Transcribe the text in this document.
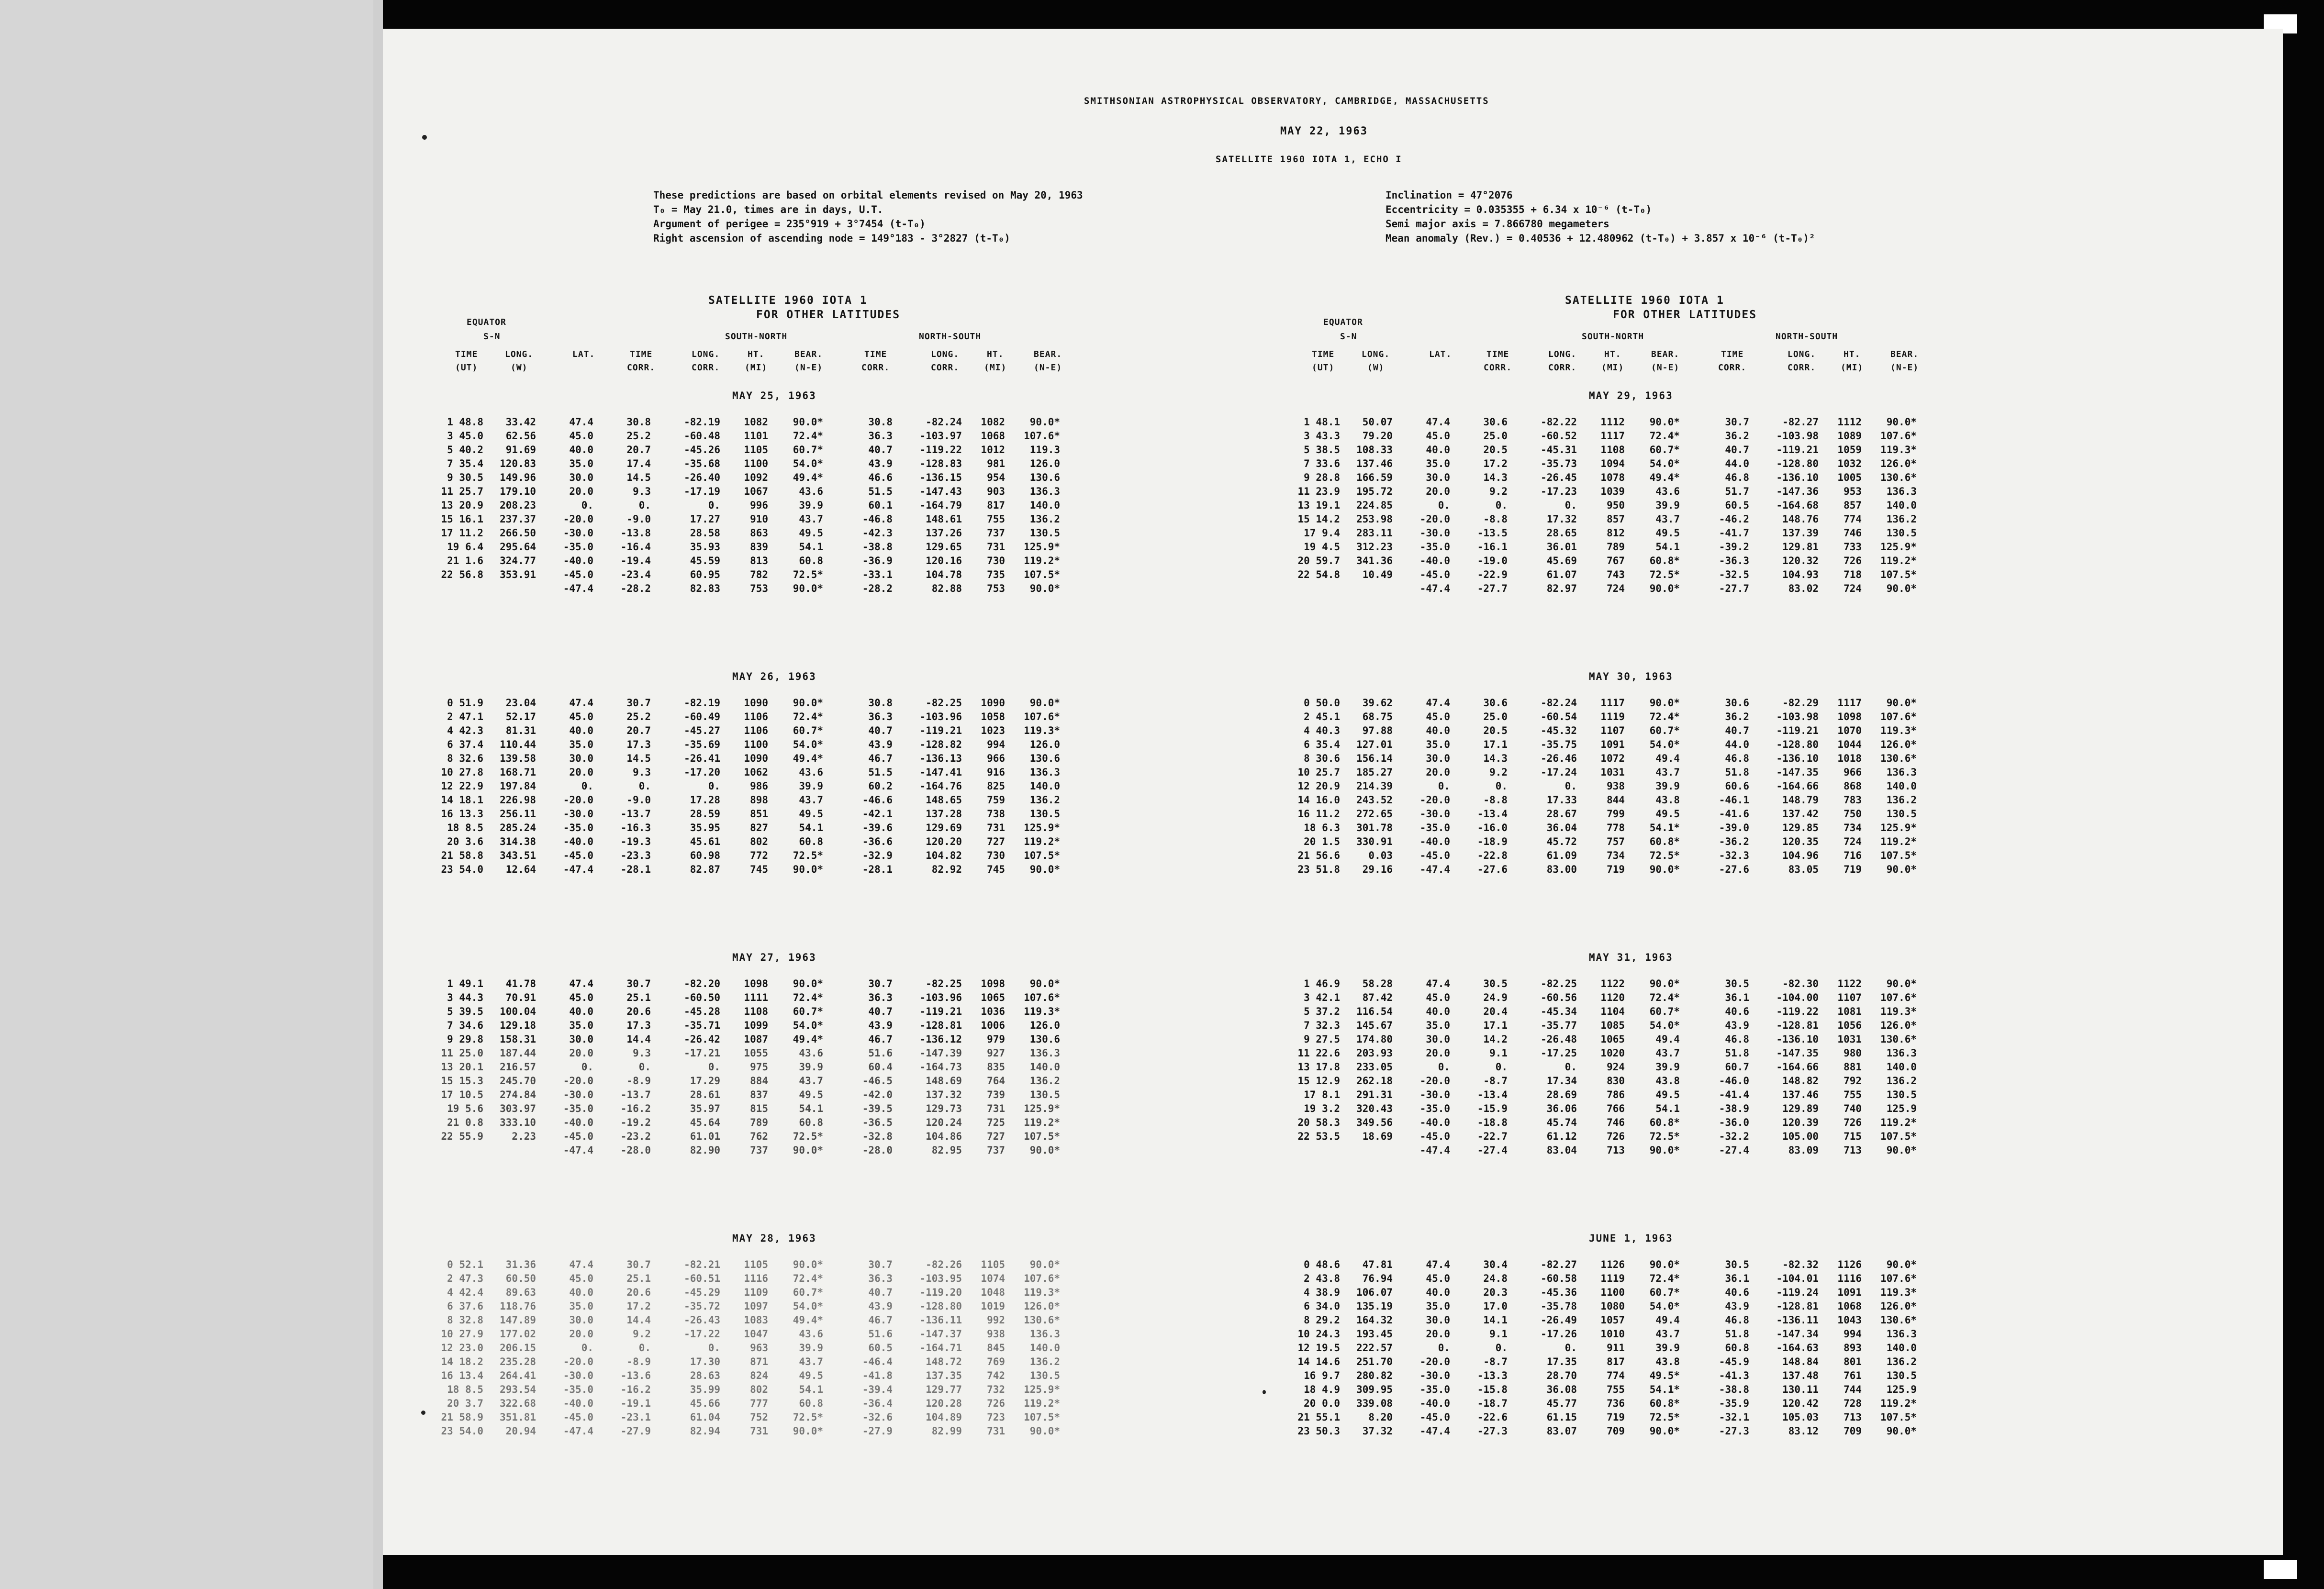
SMITHSONIAN ASTROPHYSICAL OBSERVATORY, CAMBRIDGE, MASSACHUSETTS
MAY 22, 1963
SATELLITE 1960 IOTA 1, ECHO I
These predictions are based on orbital elements revised on May 20, 1963
T₀ = May 21.0, times are in days, U.T.
Argument of perigee = 235°919 + 3°7454 (t-T₀)
Right ascension of ascending node = 149°183 - 3°2827 (t-T₀)
Inclination = 47°2076
Eccentricity = 0.035355 + 6.34 x 10⁻⁶ (t-T₀)
Semi major axis = 7.866780 megameters
Mean anomaly (Rev.) = 0.40536 + 12.480962 (t-T₀) + 3.857 x 10⁻⁶ (t-T₀)²
SATELLITE 1960 IOTA 1
FOR OTHER LATITUDES
EQUATOR
S-N	SOUTH-NORTH	NORTH-SOUTH
TIME	LONG.	LAT.	TIME	LONG.	HT.	BEAR.	TIME	LONG.	HT.	BEAR.
(UT)	(W)	CORR.	CORR.	(MI)	(N-E)	CORR.	CORR.	(MI)	(N-E)
MAY 25, 1963
1 48.8 33.42	47.4	30.8	-82.19 1082 90.0*	30.8	-82.24 1082 90.0*
3 45.0 62.56	45.0	25.2	-60.48 1101 72.4*	36.3	-103.97 1068 107.6*
5 40.2 91.69	40.0	20.7	-45.26 1105 60.7*	40.7	-119.22 1012 119.3
7 35.4 120.83	35.0	17.4	-35.68 1100 54.0*	43.9	-128.83 981 126.0
9 30.5 149.96	30.0	14.5	-26.40 1092 49.4*	46.6	-136.15 954 130.6
11 25.7 179.10	20.0	9.3	-17.19 1067	43.6	51.5	-147.43 903 136.3
13 20.9 208.23	0.	0.	0.	996	39.9	60.1	-164.79 817 140.0
15 16.1 237.37	-20.0	-9.0	17.27	910	43.7	-46.8	148.61 755 136.2
17 11.2 266.50	-30.0	-13.8	28.58	863	49.5	-42.3	137.26 737 130.5
19 6.4 295.64	-35.0	-16.4	35.93	839	54.1	-38.8	129.65 731 125.9*
21 1.6 324.77	-40.0	-19.4	45.59	813	60.8	-36.9	120.16 730 119.2*
22 56.8 353.91	-45.0	-23.4	60.95	782 72.5*	-33.1	104.78 735 107.5*
-47.4	-28.2	82.83	753 90.0*	-28.2	82.88 753 90.0*
MAY 26, 1963
0 51.9 23.04	47.4	30.7	-82.19 1090 90.0*	30.8	-82.25 1090 90.0*
2 47.1 52.17	45.0	25.2	-60.49 1106 72.4*	36.3	-103.96 1058 107.6*
4 42.3 81.31	40.0	20.7	-45.27 1106 60.7*	40.7	-119.21 1023 119.3*
6 37.4 110.44	35.0	17.3	-35.69 1100 54.0*	43.9	-128.82 994 126.0
8 32.6 139.58	30.0	14.5	-26.41 1090 49.4*	46.7	-136.13 966 130.6
10 27.8 168.71	20.0	9.3	-17.20 1062	43.6	51.5	-147.41 916 136.3
12 22.9 197.84	0.	0.	0.	986	39.9	60.2	-164.76 825 140.0
14 18.1 226.98	-20.0	-9.0	17.28	898	43.7	-46.6	148.65 759 136.2
16 13.3 256.11	-30.0	-13.7	28.59	851	49.5	-42.1	137.28 738 130.5
18 8.5 285.24	-35.0	-16.3	35.95	827	54.1	-39.6	129.69 731 125.9*
20 3.6 314.38	-40.0	-19.3	45.61	802	60.8	-36.6	120.20 727 119.2*
21 58.8 343.51	-45.0	-23.3	60.98	772 72.5*	-32.9	104.82 730 107.5*
23 54.0 12.64	-47.4	-28.1	82.87	745 90.0*	-28.1	82.92 745 90.0*
MAY 27, 1963
1 49.1 41.78	47.4	30.7	-82.20 1098 90.0*	30.7	-82.25 1098 90.0*
3 44.3 70.91	45.0	25.1	-60.50 1111 72.4*	36.3	-103.96 1065 107.6*
5 39.5 100.04	40.0	20.6	-45.28 1108 60.7*	40.7	-119.21 1036 119.3*
7 34.6 129.18	35.0	17.3	-35.71 1099 54.0*	43.9	-128.81 1006 126.0
9 29.8 158.31	30.0	14.4	-26.42 1087 49.4*	46.7	-136.12 979 130.6
11 25.0 187.44	20.0	9.3	-17.21 1055	43.6	51.6	-147.39 927 136.3
13 20.1 216.57	0.	0.	0.	975	39.9	60.4	-164.73 835 140.0
15 15.3 245.70	-20.0	-8.9	17.29	884	43.7	-46.5	148.69 764 136.2
17 10.5 274.84	-30.0	-13.7	28.61	837	49.5	-42.0	137.32 739 130.5
19 5.6 303.97	-35.0	-16.2	35.97	815	54.1	-39.5	129.73 731 125.9*
21 0.8 333.10	-40.0	-19.2	45.64	789	60.8	-36.5	120.24 725 119.2*
22 55.9	2.23	-45.0	-23.2	61.01	762 72.5*	-32.8	104.86 727 107.5*
-47.4	-28.0	82.90	737 90.0*	-28.0	82.95 737 90.0*
MAY 28, 1963
0 52.1 31.36	47.4	30.7	-82.21 1105 90.0*	30.7	-82.26 1105 90.0*
2 47.3 60.50	45.0	25.1	-60.51 1116 72.4*	36.3	-103.95 1074 107.6*
4 42.4 89.63	40.0	20.6	-45.29 1109 60.7*	40.7	-119.20 1048 119.3*
6 37.6 118.76	35.0	17.2	-35.72 1097 54.0*	43.9	-128.80 1019 126.0*
8 32.8 147.89	30.0	14.4	-26.43 1083 49.4*	46.7	-136.11 992 130.6*
10 27.9 177.02	20.0	9.2	-17.22 1047	43.6	51.6	-147.37 938 136.3
12 23.0 206.15	0.	0.	0.	963	39.9	60.5	-164.71 845 140.0
14 18.2 235.28	-20.0	-8.9	17.30	871	43.7	-46.4	148.72 769 136.2
16 13.4 264.41	-30.0	-13.6	28.63	824	49.5	-41.8	137.35 742 130.5
18 8.5 293.54	-35.0	-16.2	35.99	802	54.1	-39.4	129.77 732 125.9*
20 3.7 322.68	-40.0	-19.1	45.66	777	60.8	-36.4	120.28 726 119.2*
21 58.9 351.81	-45.0	-23.1	61.04	752 72.5*	-32.6	104.89 723 107.5*
23 54.0 20.94	-47.4	-27.9	82.94	731 90.0*	-27.9	82.99 731 90.0*
SATELLITE 1960 IOTA 1
FOR OTHER LATITUDES
EQUATOR
S-N	SOUTH-NORTH	NORTH-SOUTH
TIME	LONG.	LAT.	TIME	LONG.	HT.	BEAR.	TIME	LONG.	HT.	BEAR.
(UT)	(W)	CORR.	CORR.	(MI)	(N-E)	CORR.	CORR.	(MI)	(N-E)
MAY 29, 1963
1 48.1 50.07	47.4	30.6	-82.22 1112 90.0*	30.7	-82.27 1112 90.0*
3 43.3 79.20	45.0	25.0	-60.52 1117 72.4*	36.2	-103.98 1089 107.6*
5 38.5 108.33	40.0	20.5	-45.31 1108 60.7*	40.7	-119.21 1059 119.3*
7 33.6 137.46	35.0	17.2	-35.73 1094 54.0*	44.0	-128.80 1032 126.0*
9 28.8 166.59	30.0	14.3	-26.45 1078 49.4*	46.8	-136.10 1005 130.6*
11 23.9 195.72	20.0	9.2	-17.23 1039	43.6	51.7	-147.36 953 136.3
13 19.1 224.85	0.	0.	0.	950	39.9	60.5	-164.68 857 140.0
15 14.2 253.98	-20.0	-8.8	17.32	857	43.7	-46.2	148.76 774 136.2
17 9.4 283.11	-30.0	-13.5	28.65	812	49.5	-41.7	137.39 746 130.5
19 4.5 312.23	-35.0	-16.1	36.01	789	54.1	-39.2	129.81 733 125.9*
20 59.7 341.36	-40.0	-19.0	45.69	767 60.8*	-36.3	120.32 726 119.2*
22 54.8 10.49	-45.0	-22.9	61.07	743 72.5*	-32.5	104.93 718 107.5*
-47.4	-27.7	82.97	724 90.0*	-27.7	83.02 724 90.0*
MAY 30, 1963
0 50.0 39.62	47.4	30.6	-82.24 1117 90.0*	30.6	-82.29 1117 90.0*
2 45.1 68.75	45.0	25.0	-60.54 1119 72.4*	36.2	-103.98 1098 107.6*
4 40.3 97.88	40.0	20.5	-45.32 1107 60.7*	40.7	-119.21 1070 119.3*
6 35.4 127.01	35.0	17.1	-35.75 1091 54.0*	44.0	-128.80 1044 126.0*
8 30.6 156.14	30.0	14.3	-26.46 1072	49.4	46.8	-136.10 1018 130.6*
10 25.7 185.27	20.0	9.2	-17.24 1031	43.7	51.8	-147.35 966 136.3
12 20.9 214.39	0.	0.	0.	938	39.9	60.6	-164.66 868 140.0
14 16.0 243.52	-20.0	-8.8	17.33	844	43.8	-46.1	148.79 783 136.2
16 11.2 272.65	-30.0	-13.4	28.67	799	49.5	-41.6	137.42 750 130.5
18 6.3 301.78	-35.0	-16.0	36.04	778 54.1*	-39.0	129.85 734 125.9*
20 1.5 330.91	-40.0	-18.9	45.72	757 60.8*	-36.2	120.35 724 119.2*
21 56.6	0.03	-45.0	-22.8	61.09	734 72.5*	-32.3	104.96 716 107.5*
23 51.8 29.16	-47.4	-27.6	83.00	719 90.0*	-27.6	83.05 719 90.0*
MAY 31, 1963
1 46.9 58.28	47.4	30.5	-82.25 1122 90.0*	30.5	-82.30 1122 90.0*
3 42.1 87.42	45.0	24.9	-60.56 1120 72.4*	36.1	-104.00 1107 107.6*
5 37.2 116.54	40.0	20.4	-45.34 1104 60.7*	40.6	-119.22 1081 119.3*
7 32.3 145.67	35.0	17.1	-35.77 1085 54.0*	43.9	-128.81 1056 126.0*
9 27.5 174.80	30.0	14.2	-26.48 1065	49.4	46.8	-136.10 1031 130.6*
11 22.6 203.93	20.0	9.1	-17.25 1020	43.7	51.8	-147.35 980 136.3
13 17.8 233.05	0.	0.	0.	924	39.9	60.7	-164.66 881 140.0
15 12.9 262.18	-20.0	-8.7	17.34	830	43.8	-46.0	148.82 792 136.2
17 8.1 291.31	-30.0	-13.4	28.69	786	49.5	-41.4	137.46 755 130.5
19 3.2 320.43	-35.0	-15.9	36.06	766	54.1	-38.9	129.89 740 125.9
20 58.3 349.56	-40.0	-18.8	45.74	746 60.8*	-36.0	120.39 726 119.2*
22 53.5 18.69	-45.0	-22.7	61.12	726 72.5*	-32.2	105.00 715 107.5*
-47.4	-27.4	83.04	713 90.0*	-27.4	83.09 713 90.0*
JUNE 1, 1963
0 48.6 47.81	47.4	30.4	-82.27 1126 90.0*	30.5	-82.32 1126 90.0*
2 43.8 76.94	45.0	24.8	-60.58 1119 72.4*	36.1	-104.01 1116 107.6*
4 38.9 106.07	40.0	20.3	-45.36 1100 60.7*	40.6	-119.24 1091 119.3*
6 34.0 135.19	35.0	17.0	-35.78 1080 54.0*	43.9	-128.81 1068 126.0*
8 29.2 164.32	30.0	14.1	-26.49 1057	49.4	46.8	-136.11 1043 130.6*
10 24.3 193.45	20.0	9.1	-17.26 1010	43.7	51.8	-147.34 994 136.3
12 19.5 222.57	0.	0.	0.	911	39.9	60.8	-164.63 893 140.0
14 14.6 251.70	-20.0	-8.7	17.35	817	43.8	-45.9	148.84 801 136.2
16 9.7 280.82	-30.0	-13.3	28.70	774 49.5*	-41.3	137.48 761 130.5
18 4.9 309.95	-35.0	-15.8	36.08	755 54.1*	-38.8	130.11 744 125.9
20 0.0 339.08	-40.0	-18.7	45.77	736 60.8*	-35.9	120.42 728 119.2*
21 55.1	8.20	-45.0	-22.6	61.15	719 72.5*	-32.1	105.03 713 107.5*
23 50.3 37.32	-47.4	-27.3	83.07	709 90.0*	-27.3	83.12 709 90.0*
